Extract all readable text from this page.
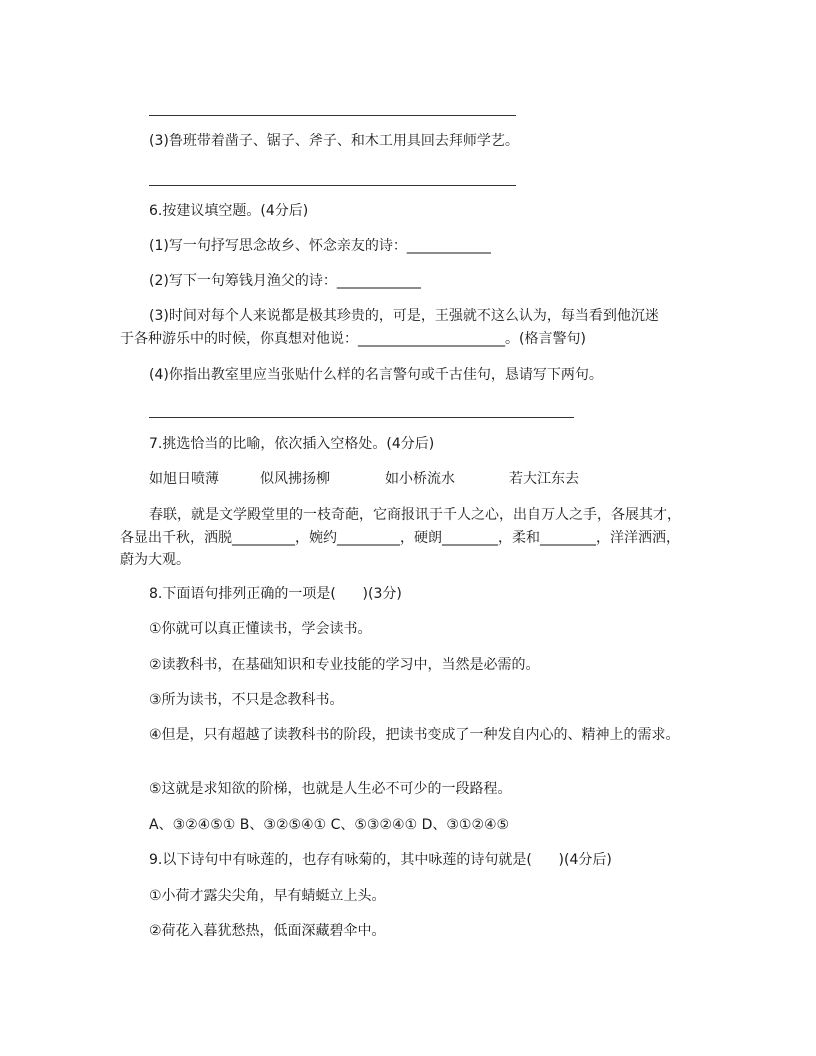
(3)鲁班带着凿子、锯子、斧子、和木工用具回去拜师学艺。
6.按建议填空题。(4分后)
(1)写一句抒写思念故乡、怀念亲友的诗：____________
(2)写下一句筹钱月渔父的诗：____________
(3)时间对每个人来说都是极其珍贵的，可是，王强就不这么认为，每当看到他沉迷
于各种游乐中的时候，你真想对他说：_____________________。(格言警句)
(4)你指出教室里应当张贴什么样的名言警句或千古佳句，恳请写下两句。
7.挑选恰当的比喻，依次插入空格处。(4分后)
如旭日喷薄	似风拂扬柳	如小桥流水	若大江东去
春联，就是文学殿堂里的一枝奇葩，它商报讯于千人之心，出自万人之手，各展其才，
各显出千秋，洒脱_________，婉约_________，硬朗________，柔和________，洋洋洒洒，
蔚为大观。
8.下面语句排列正确的一项是(      )(3分)
①你就可以真正懂读书，学会读书。
②读教科书，在基础知识和专业技能的学习中，当然是必需的。
③所为读书，不只是念教科书。
④但是，只有超越了读教科书的阶段，把读书变成了一种发自内心的、精神上的需求。
⑤这就是求知欲的阶梯，也就是人生必不可少的一段路程。
A、③②④⑤① B、③②⑤④① C、⑤③②④① D、③①②④⑤
9.以下诗句中有咏莲的，也存有咏菊的，其中咏莲的诗句就是(      )(4分后)
①小荷才露尖尖角，早有蜻蜓立上头。
②荷花入暮犹愁热，低面深藏碧伞中。
